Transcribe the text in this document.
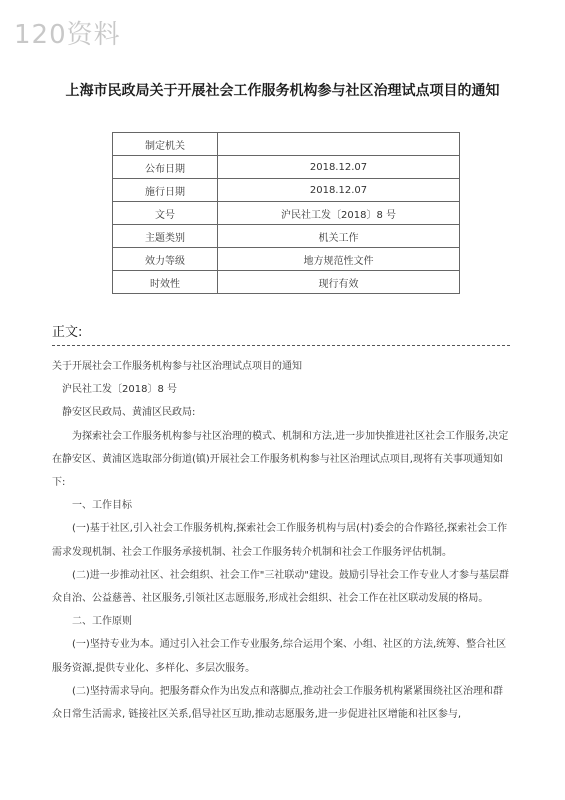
120资料
上海市民政局关于开展社会工作服务机构参与社区治理试点项目的通知
制定机关	
公布日期	2018.12.07
施行日期	2018.12.07
文号	沪民社工发〔2018〕8 号
主题类别	机关工作
效力等级	地方规范性文件
时效性	现行有效
正文:

关于开展社会工作服务机构参与社区治理试点项目的通知

沪民社工发〔2018〕8 号

静安区民政局、黄浦区民政局:

为探索社会工作服务机构参与社区治理的模式、机制和方法,进一步加快推进社区社会工作服务,决定在静安区、黄浦区选取部分街道(镇)开展社会工作服务机构参与社区治理试点项目,现将有关事项通知如下:

一、工作目标

(一)基于社区,引入社会工作服务机构,探索社会工作服务机构与居(村)委会的合作路径,探索社会工作需求发现机制、社会工作服务承接机制、社会工作服务转介机制和社会工作服务评估机制。

(二)进一步推动社区、社会组织、社会工作"三社联动"建设。鼓励引导社会工作专业人才参与基层群众自治、公益慈善、社区服务,引领社区志愿服务,形成社会组织、社会工作在社区联动发展的格局。

二、工作原则

(一)坚持专业为本。通过引入社会工作专业服务,综合运用个案、小组、社区的方法,统筹、整合社区服务资源,提供专业化、多样化、多层次服务。

(二)坚持需求导向。把服务群众作为出发点和落脚点,推动社会工作服务机构紧紧围绕社区治理和群众日常生活需求, 链接社区关系,倡导社区互助,推动志愿服务,进一步促进社区增能和社区参与,
